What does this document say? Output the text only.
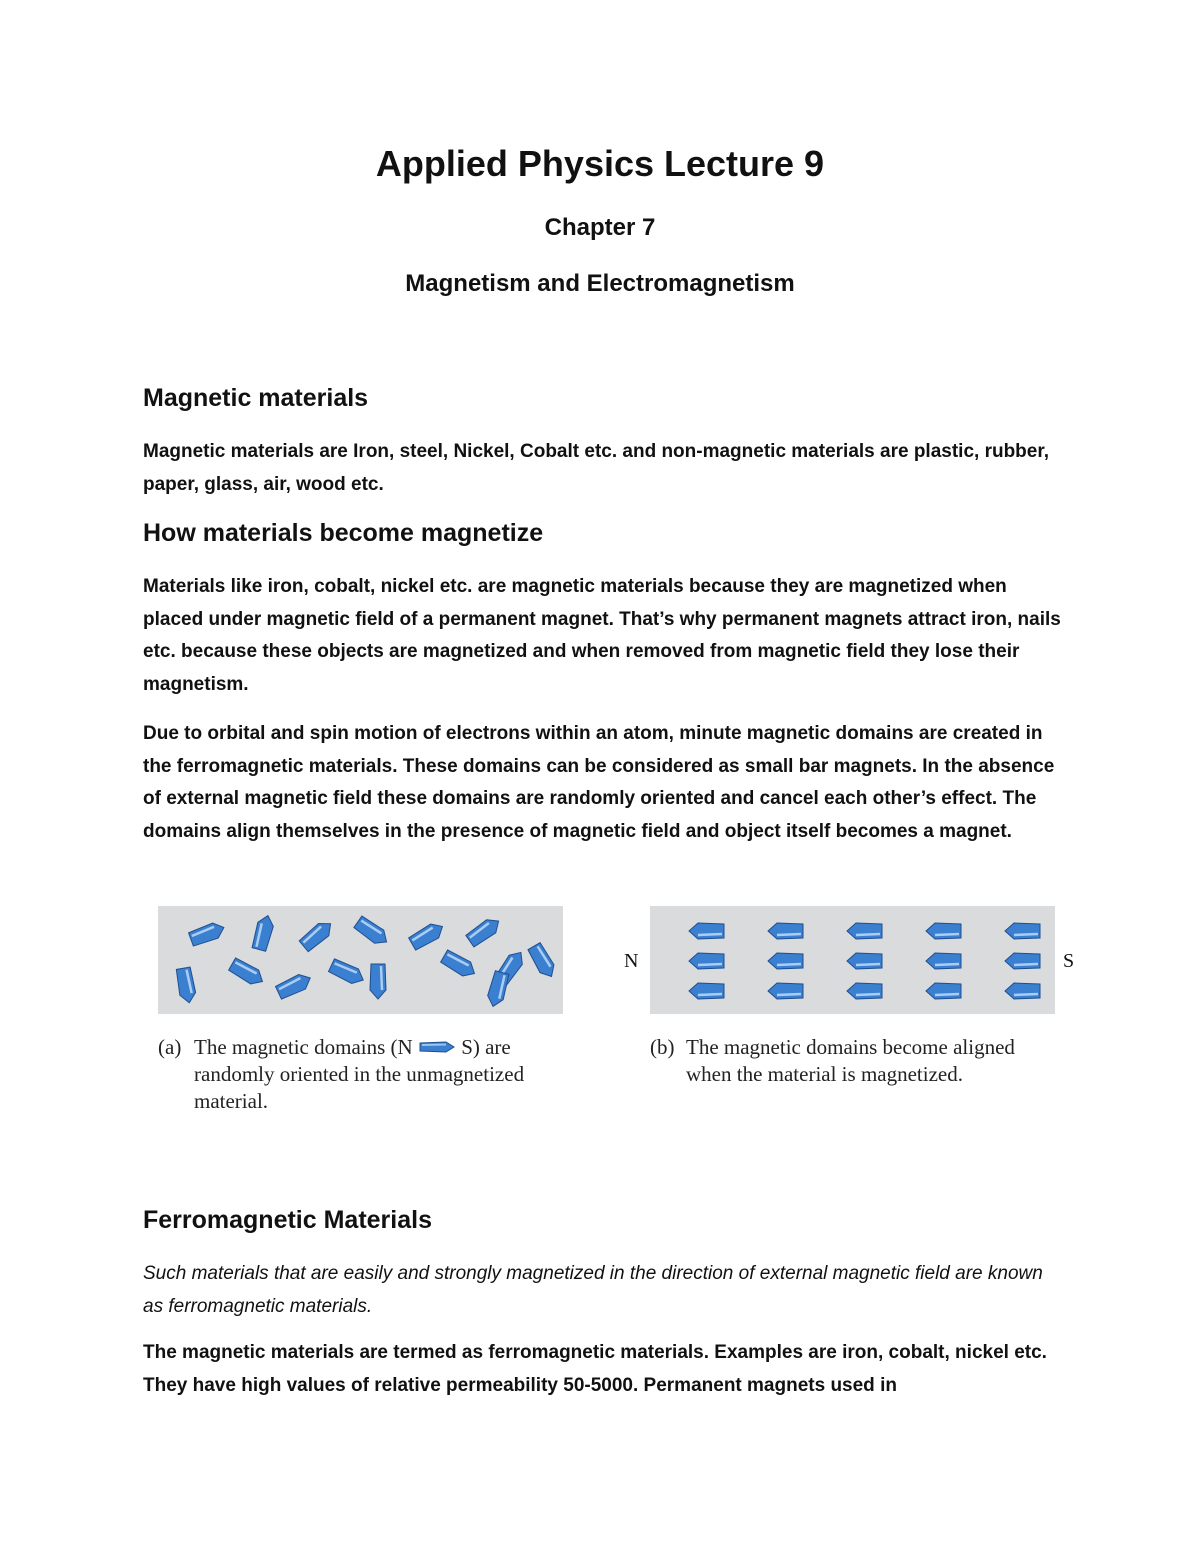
Applied Physics Lecture 9
Chapter 7
Magnetism and Electromagnetism
Magnetic materials

Magnetic materials are Iron, steel, Nickel, Cobalt etc. and non-magnetic materials are plastic, rubber, paper, glass, air, wood etc.

How materials become magnetize

Materials like iron, cobalt, nickel etc. are magnetic materials because they are magnetized when placed under magnetic field of a permanent magnet. That’s why permanent magnets attract iron, nails etc. because these objects are magnetized and when removed from magnetic field they lose their magnetism.

Due to orbital and spin motion of electrons within an atom, minute magnetic domains are created in the ferromagnetic materials. These domains can be considered as small bar magnets. In the absence of external magnetic field these domains are randomly oriented and cancel each other’s effect. The domains align themselves in the presence of magnetic field and object itself becomes a magnet.

N	S

(a) The magnetic domains (N S) are
randomly oriented in the unmagnetized material.

(b) The magnetic domains become aligned
when the material is magnetized.

Ferromagnetic Materials

Such materials that are easily and strongly magnetized in the direction of external magnetic field are known as ferromagnetic materials.

The magnetic materials are termed as ferromagnetic materials. Examples are iron, cobalt, nickel etc. They have high values of relative permeability 50-5000. Permanent magnets used in
